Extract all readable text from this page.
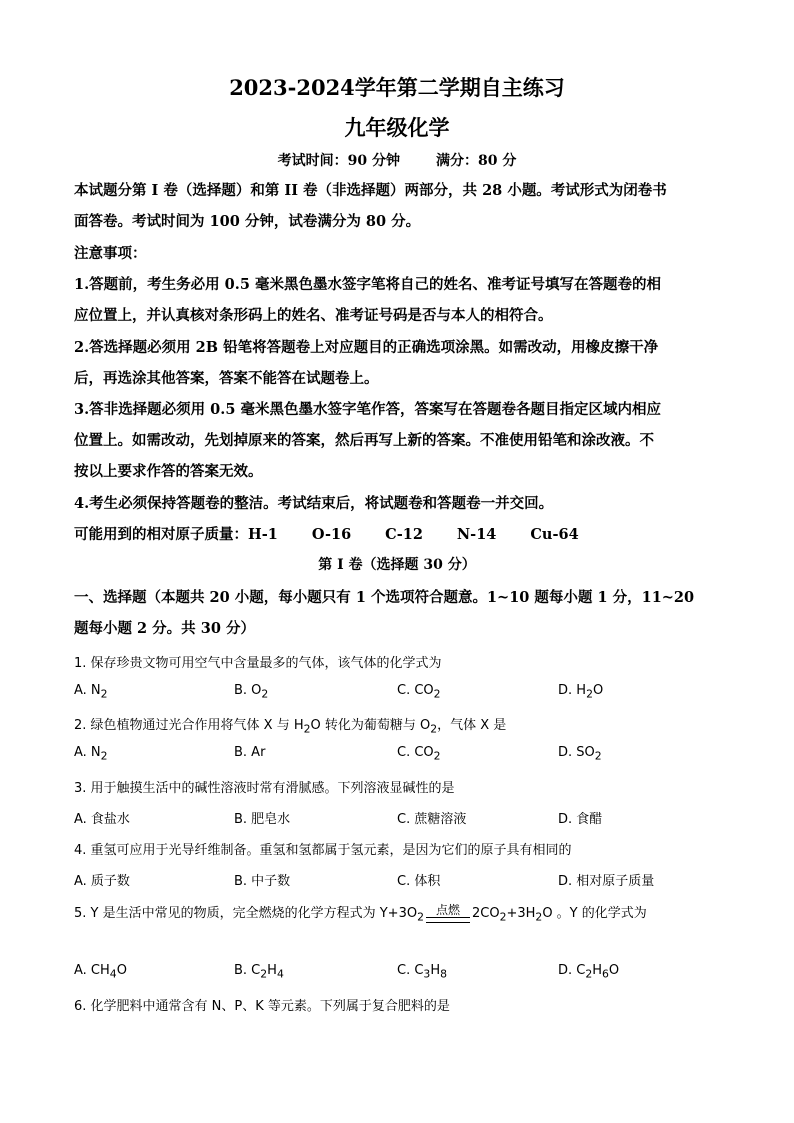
2023-2024学年第二学期自主练习
九年级化学
考试时间：90 分钟	满分：80 分
本试题分第 I 卷（选择题）和第 II 卷（非选择题）两部分，共 28 小题。考试形式为闭卷书
面答卷。考试时间为 100 分钟，试卷满分为 80 分。
注意事项：
1.答题前，考生务必用 0.5 毫米黑色墨水签字笔将自己的姓名、准考证号填写在答题卷的相
应位置上，并认真核对条形码上的姓名、准考证号码是否与本人的相符合。
2.答选择题必须用 2B 铅笔将答题卷上对应题目的正确选项涂黑。如需改动，用橡皮擦干净
后，再选涂其他答案，答案不能答在试题卷上。
3.答非选择题必须用 0.5 毫米黑色墨水签字笔作答，答案写在答题卷各题目指定区域内相应
位置上。如需改动，先划掉原来的答案，然后再写上新的答案。不准使用铅笔和涂改液。不
按以上要求作答的答案无效。
4.考生必须保持答题卷的整洁。考试结束后，将试题卷和答题卷一并交回。
可能用到的相对原子质量：H-1 O-16 C-12 N-14 Cu-64
第 I 卷（选择题 30 分）
一、选择题（本题共 20 小题，每小题只有 1 个选项符合题意。1~10 题每小题 1 分，11~20
题每小题 2 分。共 30 分）
1. 保存珍贵文物可用空气中含量最多的气体，该气体的化学式为
A. $N_2$	B. $O_2$	C. $CO_2$	D. $H_2O$
2. 绿色植物通过光合作用将气体 X 与 $H_2O$ 转化为葡萄糖与 $O_2$，气体 X 是
A. $N_2$	B. Ar	C. $CO_2$	D. $SO_2$
3. 用于触摸生活中的碱性溶液时常有滑腻感。下列溶液显碱性的是
A. 食盐水	B. 肥皂水	C. 蔗糖溶液	D. 食醋
4. 重氢可应用于光导纤维制备。重氢和氢都属于氢元素，是因为它们的原子具有相同的
A. 质子数	B. 中子数	C. 体积	D. 相对原子质量
5. Y 是生活中常见的物质，完全燃烧的化学方程式为 $Y+3O_2$
点燃 $2CO_2+3H_2O$ 。Y 的化学式为
A. $CH_4O$	B. $C_2H_4$	C. $C_3H_8$	D. $C_2H_6O$
6. 化学肥料中通常含有 N、P、K 等元素。下列属于复合肥料的是
